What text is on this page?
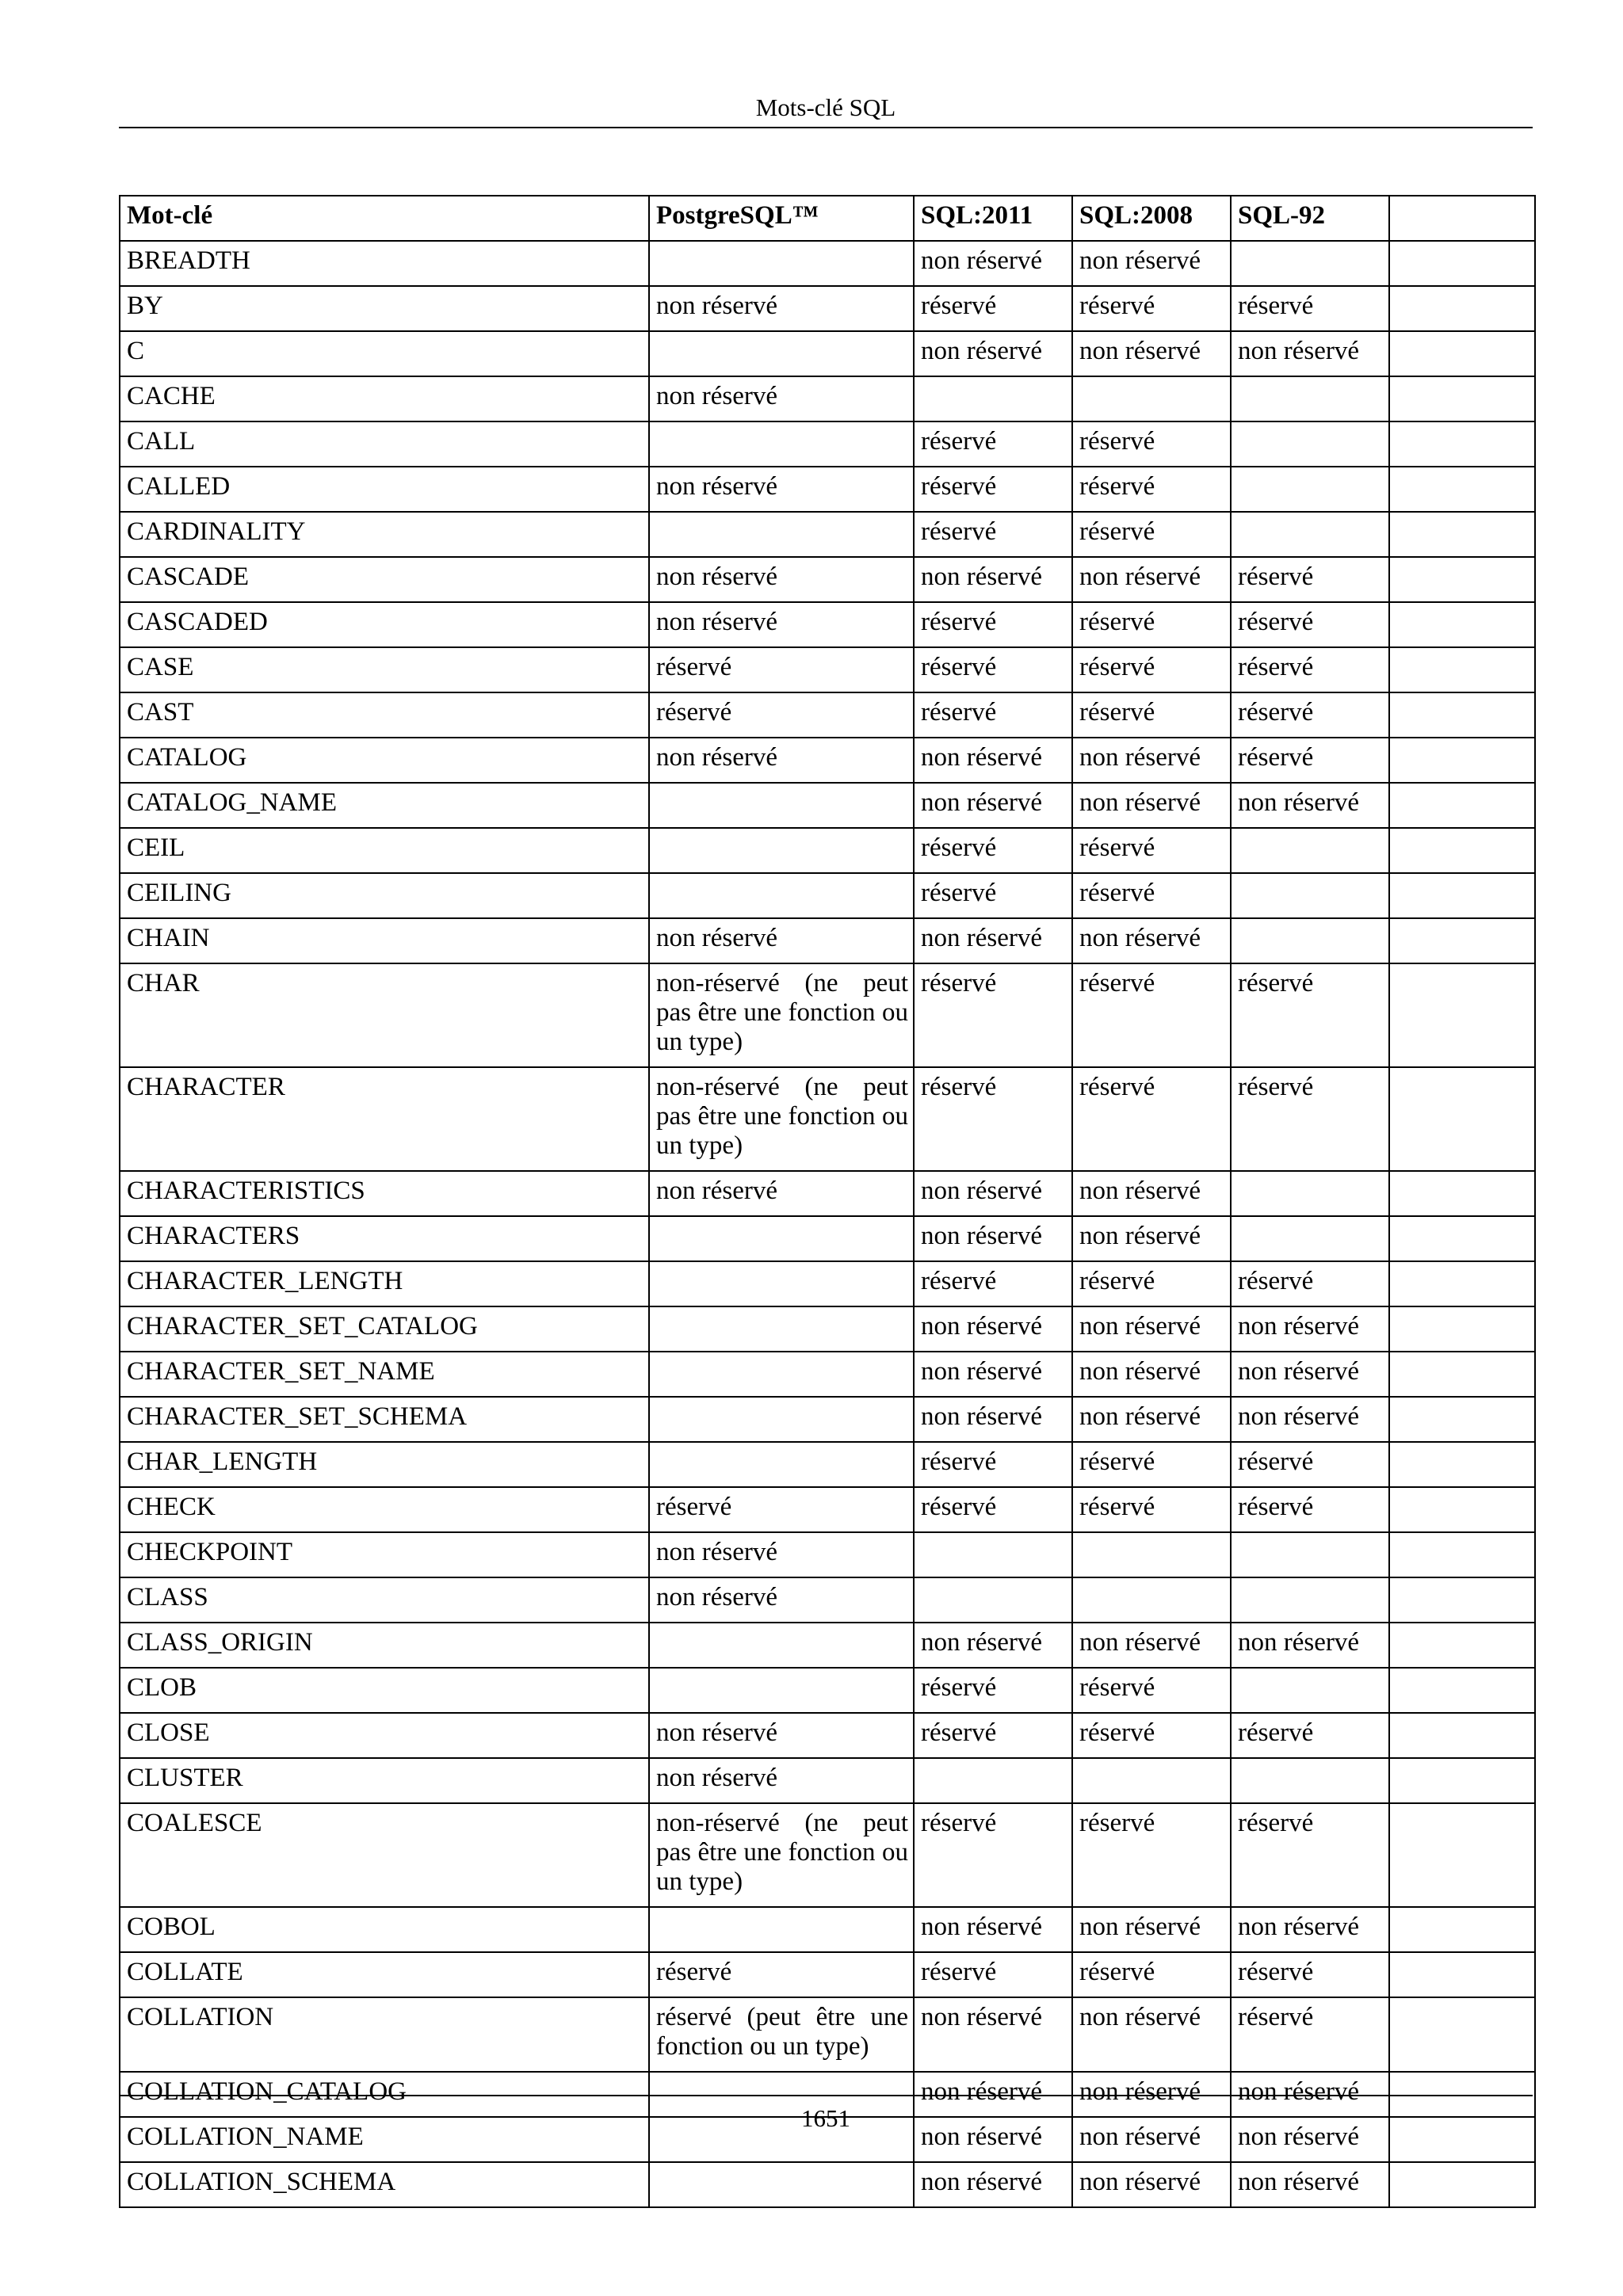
Mots-clé SQL
Mot-clé	PostgreSQL™	SQL:2011	SQL:2008	SQL-92	
BREADTH		non réservé	non réservé		
BY	non réservé	réservé	réservé	réservé	
C		non réservé	non réservé	non réservé	
CACHE	non réservé				
CALL		réservé	réservé		
CALLED	non réservé	réservé	réservé		
CARDINALITY		réservé	réservé		
CASCADE	non réservé	non réservé	non réservé	réservé	
CASCADED	non réservé	réservé	réservé	réservé	
CASE	réservé	réservé	réservé	réservé	
CAST	réservé	réservé	réservé	réservé	
CATALOG	non réservé	non réservé	non réservé	réservé	
CATALOG_NAME		non réservé	non réservé	non réservé	
CEIL		réservé	réservé		
CEILING		réservé	réservé		
CHAIN	non réservé	non réservé	non réservé		
CHAR	non-réservé (ne peut pas être une fonction ou un type)	réservé	réservé	réservé	
CHARACTER	non-réservé (ne peut pas être une fonction ou un type)	réservé	réservé	réservé	
CHARACTERISTICS	non réservé	non réservé	non réservé		
CHARACTERS		non réservé	non réservé		
CHARACTER_LENGTH		réservé	réservé	réservé	
CHARACTER_SET_CATALOG		non réservé	non réservé	non réservé	
CHARACTER_SET_NAME		non réservé	non réservé	non réservé	
CHARACTER_SET_SCHEMA		non réservé	non réservé	non réservé	
CHAR_LENGTH		réservé	réservé	réservé	
CHECK	réservé	réservé	réservé	réservé	
CHECKPOINT	non réservé				
CLASS	non réservé				
CLASS_ORIGIN		non réservé	non réservé	non réservé	
CLOB		réservé	réservé		
CLOSE	non réservé	réservé	réservé	réservé	
CLUSTER	non réservé				
COALESCE	non-réservé (ne peut pas être une fonction ou un type)	réservé	réservé	réservé	
COBOL		non réservé	non réservé	non réservé	
COLLATE	réservé	réservé	réservé	réservé	
COLLATION	réservé (peut être une fonction ou un type)	non réservé	non réservé	réservé	
COLLATION_CATALOG		non réservé	non réservé	non réservé	
COLLATION_NAME		non réservé	non réservé	non réservé	
COLLATION_SCHEMA		non réservé	non réservé	non réservé	
1651
